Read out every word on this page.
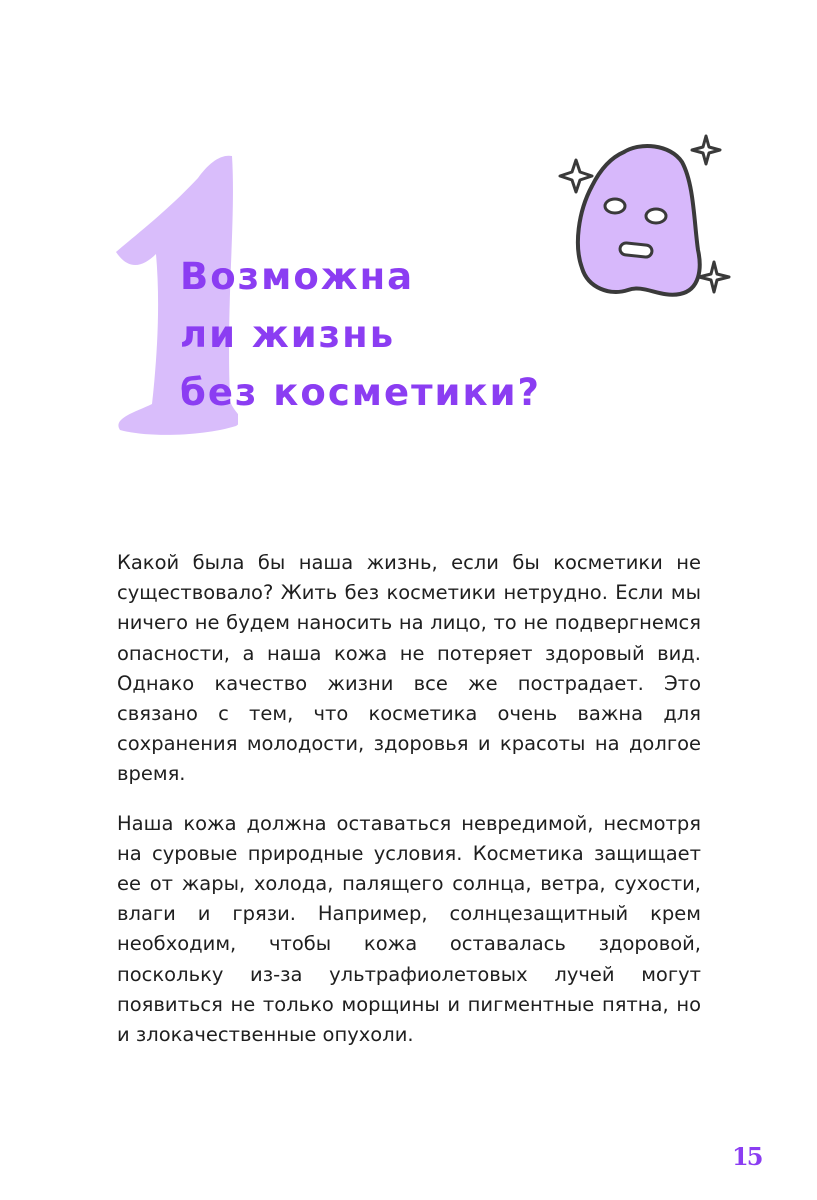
Возможна
ли жизнь
без косметики?

Какой была бы наша жизнь, если бы косметики не существовало? Жить без косметики нетрудно. Если мы ничего не будем наносить на лицо, то не подвергнемся опасности, а наша кожа не потеряет здоровый вид. Однако качество жизни все же пострадает. Это связано с тем, что косметика очень важна для сохранения молодости, здоровья и красоты на долгое время.

Наша кожа должна оставаться невредимой, несмотря на суровые природные условия. Косметика защищает ее от жары, холода, палящего солнца, ветра, сухости, влаги и грязи. Например, солнцезащитный крем необходим, чтобы кожа оставалась здоровой, поскольку из-за ультрафиолетовых лучей могут появиться не только морщины и пигментные пятна, но и злокачественные опухоли.

15
